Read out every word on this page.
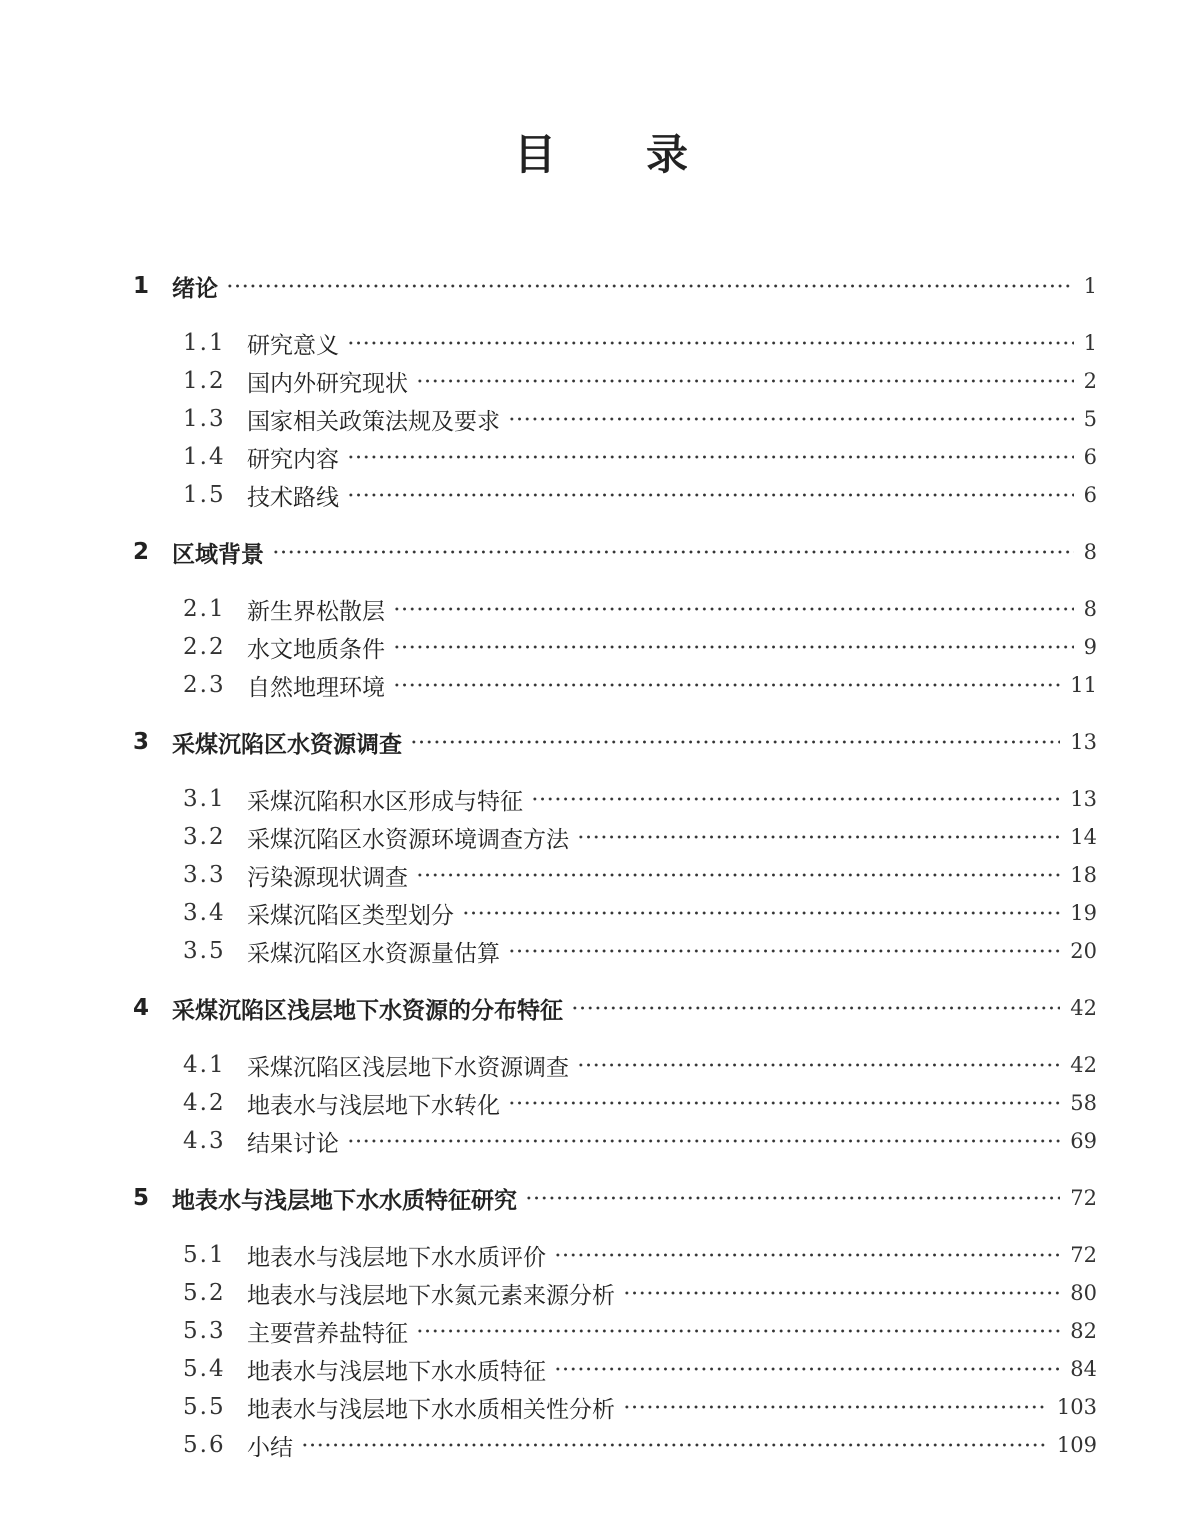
目 录
1 绪论	1
1.1 研究意义	1
1.2 国内外研究现状	2
1.3 国家相关政策法规及要求	5
1.4 研究内容	6
1.5 技术路线	6
2 区域背景	8
2.1 新生界松散层	8
2.2 水文地质条件	9
2.3 自然地理环境	11
3 采煤沉陷区水资源调查	13
3.1 采煤沉陷积水区形成与特征	13
3.2 采煤沉陷区水资源环境调查方法	14
3.3 污染源现状调查	18
3.4 采煤沉陷区类型划分	19
3.5 采煤沉陷区水资源量估算	20
4 采煤沉陷区浅层地下水资源的分布特征	42
4.1 采煤沉陷区浅层地下水资源调查	42
4.2 地表水与浅层地下水转化	58
4.3 结果讨论	69
5 地表水与浅层地下水水质特征研究	72
5.1 地表水与浅层地下水水质评价	72
5.2 地表水与浅层地下水氮元素来源分析	80
5.3 主要营养盐特征	82
5.4 地表水与浅层地下水水质特征	84
5.5 地表水与浅层地下水水质相关性分析	103
5.6 小结	109
